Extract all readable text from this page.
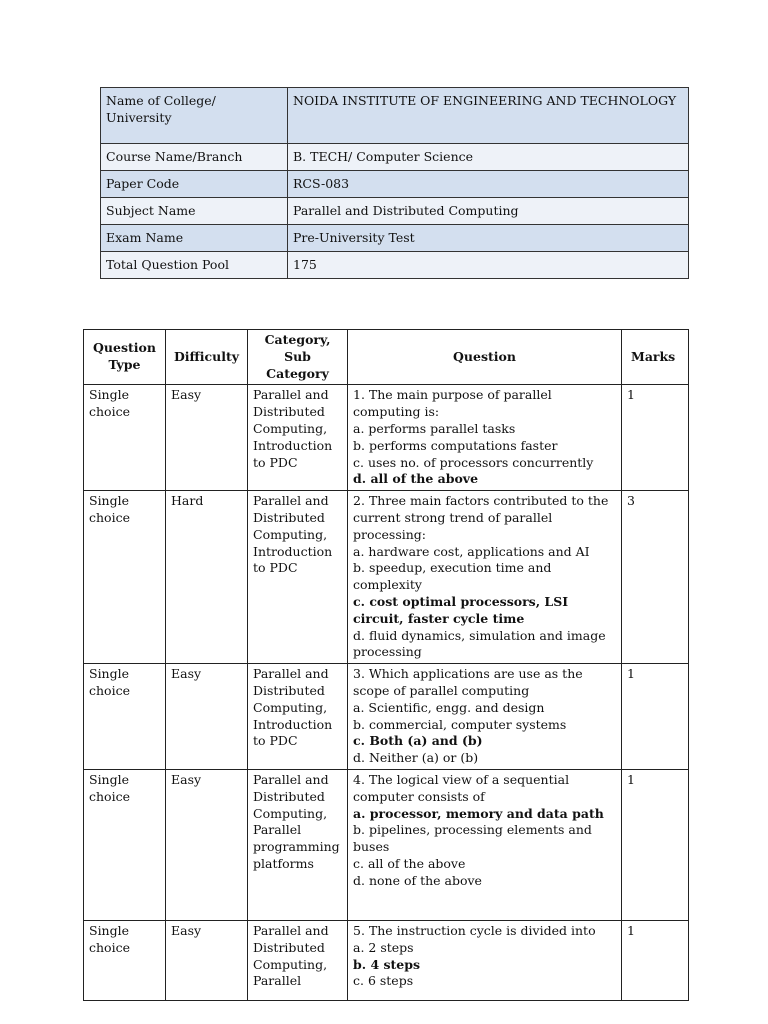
Name of College/ University	NOIDA INSTITUTE OF ENGINEERING AND TECHNOLOGY
Course Name/Branch	B. TECH/ Computer Science
Paper Code	RCS-083
Subject Name	Parallel and Distributed Computing
Exam Name	Pre-University Test
Total Question Pool	175
Question Type	Difficulty	Category, Sub Category	Question	Marks
Single choice	Easy	Parallel and Distributed Computing, Introduction to PDC	1. The main purpose of parallel computing is:
a. performs parallel tasks
b. performs computations faster
c. uses no. of processors concurrently
d. all of the above	1
Single choice	Hard	Parallel and Distributed Computing, Introduction to PDC	2. Three main factors contributed to the current strong trend of parallel processing:
a. hardware cost, applications and AI
b. speedup, execution time and complexity
c. cost optimal processors, LSI circuit, faster cycle time
d. fluid dynamics, simulation and image processing	3
Single choice	Easy	Parallel and Distributed Computing, Introduction to PDC	3. Which applications are use as the scope of parallel computing
a. Scientific, engg. and design
b. commercial, computer systems
c. Both (a) and (b)
d. Neither (a) or (b)	1
Single choice	Easy	Parallel and Distributed Computing, Parallel programming platforms	4. The logical view of a sequential computer consists of
a. processor, memory and data path
b. pipelines, processing elements and buses
c. all of the above
d. none of the above	1
Single choice	Easy	Parallel and Distributed Computing, Parallel	5. The instruction cycle is divided into
a. 2 steps
b. 4 steps
c. 6 steps	1
